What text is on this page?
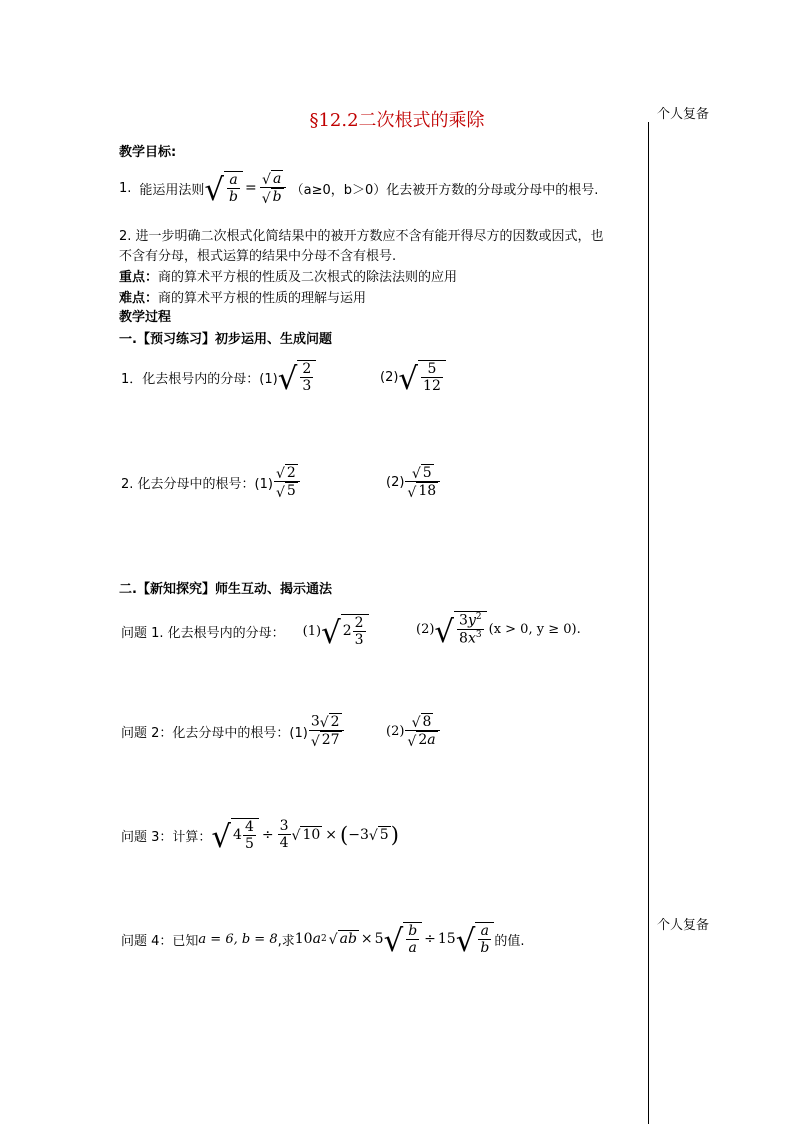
§12.2二次根式的乘除	个人复备
个人复备
教学目标:
1. 能运用法则 √ $\frac{a}{b} = \frac{√ a}{√ b} (a\ge 0$，b＞0）化去被开方数的分母或分母中的根号.
2. 进一步明确二次根式化简结果中的被开方数应不含有能开得尽方的因数或因式，也
不含有分母，根式运算的结果中分母不含有根号.
重点：商的算术平方根的性质及二次根式的除法法则的应用
难点：商的算术平方根的性质的理解与运用
教学过程
一.【预习练习】初步运用、生成问题
1．化去根号内的分母：(1) √ $\frac{2}{3}$	(2) √ $\frac{5}{12}$
2. 化去分母中的根号：$(1) \frac{√ 2}{√ 5}$	$(2) \frac{√ 5}{√ 18}$
二.【新知探究】师生互动、揭示通法
问题 1. 化去根号内的分母： (1) √ $2 \frac{2}{3}$	(2) √ $\frac{3y^2}{8x^3} (x > 0$, y ≥ 0).
问题 2：化去分母中的根号：$(1) \frac{3 √ 2}{√ 27}$	$(2) \frac{√ 8}{√ 2 a}$
问题 3：计算： √ $4 \frac{4}{5} \div \frac{3}{4}$ √ 10 × ( −3 √ 5 )
问题 4：已知 a = 6, b = 8 ,求 10 a 2 √ ab × 5 √ $\frac{b}{a} \div 15$ √ $\frac{a}{b}$ 的值.
